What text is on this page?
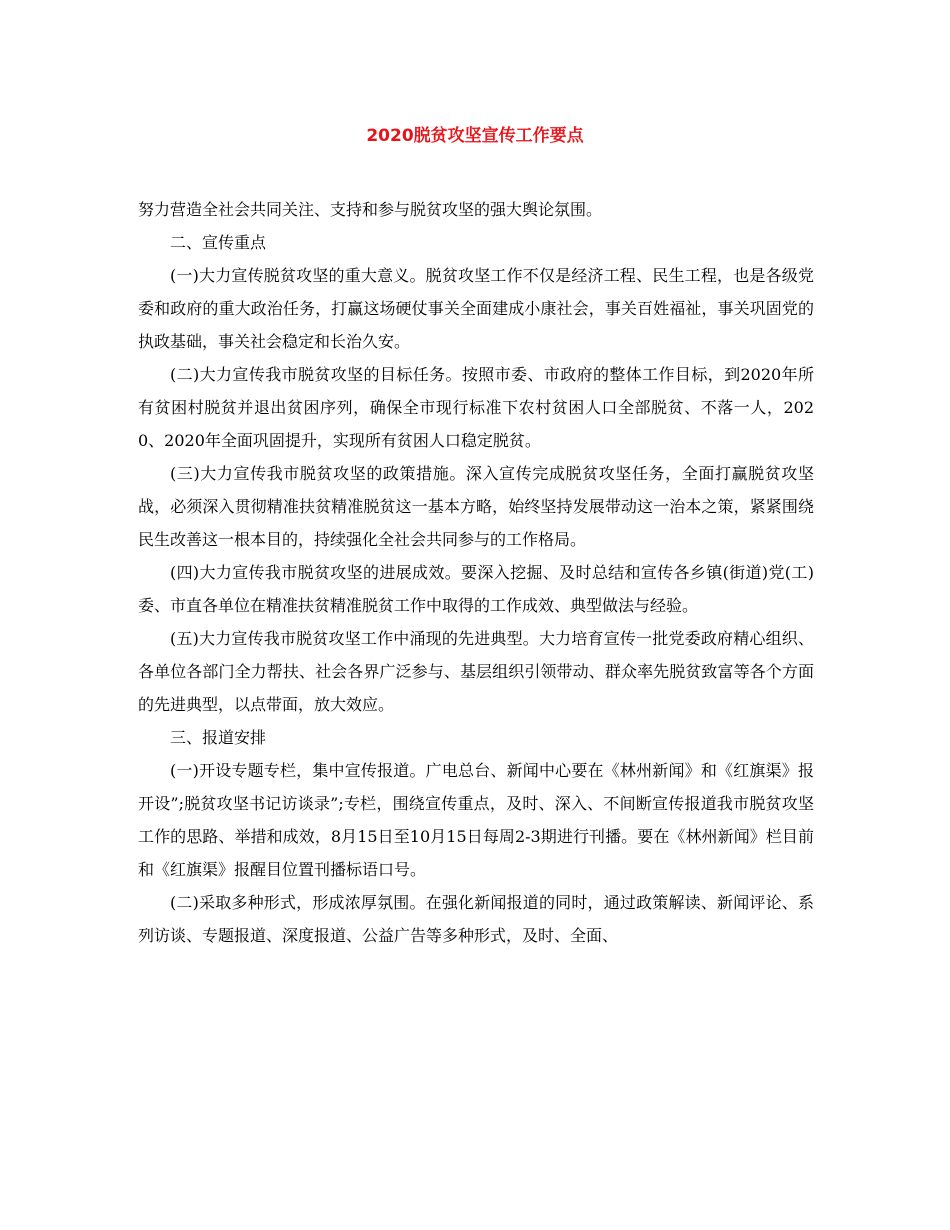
2020脱贫攻坚宣传工作要点

努力营造全社会共同关注、支持和参与脱贫攻坚的强大舆论氛围。

二、宣传重点

(一)大力宣传脱贫攻坚的重大意义。脱贫攻坚工作不仅是经济工程、民生工程，也是各级党委和政府的重大政治任务，打赢这场硬仗事关全面建成小康社会，事关百姓福祉，事关巩固党的执政基础，事关社会稳定和长治久安。

(二)大力宣传我市脱贫攻坚的目标任务。按照市委、市政府的整体工作目标，到2020年所有贫困村脱贫并退出贫困序列，确保全市现行标准下农村贫困人口全部脱贫、不落一人，2020、2020年全面巩固提升，实现所有贫困人口稳定脱贫。

(三)大力宣传我市脱贫攻坚的政策措施。深入宣传完成脱贫攻坚任务，全面打赢脱贫攻坚战，必须深入贯彻精准扶贫精准脱贫这一基本方略，始终坚持发展带动这一治本之策，紧紧围绕民生改善这一根本目的，持续强化全社会共同参与的工作格局。

(四)大力宣传我市脱贫攻坚的进展成效。要深入挖掘、及时总结和宣传各乡镇(街道)党(工)委、市直各单位在精准扶贫精准脱贫工作中取得的工作成效、典型做法与经验。

(五)大力宣传我市脱贫攻坚工作中涌现的先进典型。大力培育宣传一批党委政府精心组织、各单位各部门全力帮扶、社会各界广泛参与、基层组织引领带动、群众率先脱贫致富等各个方面的先进典型，以点带面，放大效应。

三、报道安排

(一)开设专题专栏，集中宣传报道。广电总台、新闻中心要在《林州新闻》和《红旗渠》报开设”;脱贫攻坚书记访谈录”;专栏，围绕宣传重点，及时、深入、不间断宣传报道我市脱贫攻坚工作的思路、举措和成效，8月15日至10月15日每周2-3期进行刊播。要在《林州新闻》栏目前和《红旗渠》报醒目位置刊播标语口号。

(二)采取多种形式，形成浓厚氛围。在强化新闻报道的同时，通过政策解读、新闻评论、系列访谈、专题报道、深度报道、公益广告等多种形式，及时、全面、
